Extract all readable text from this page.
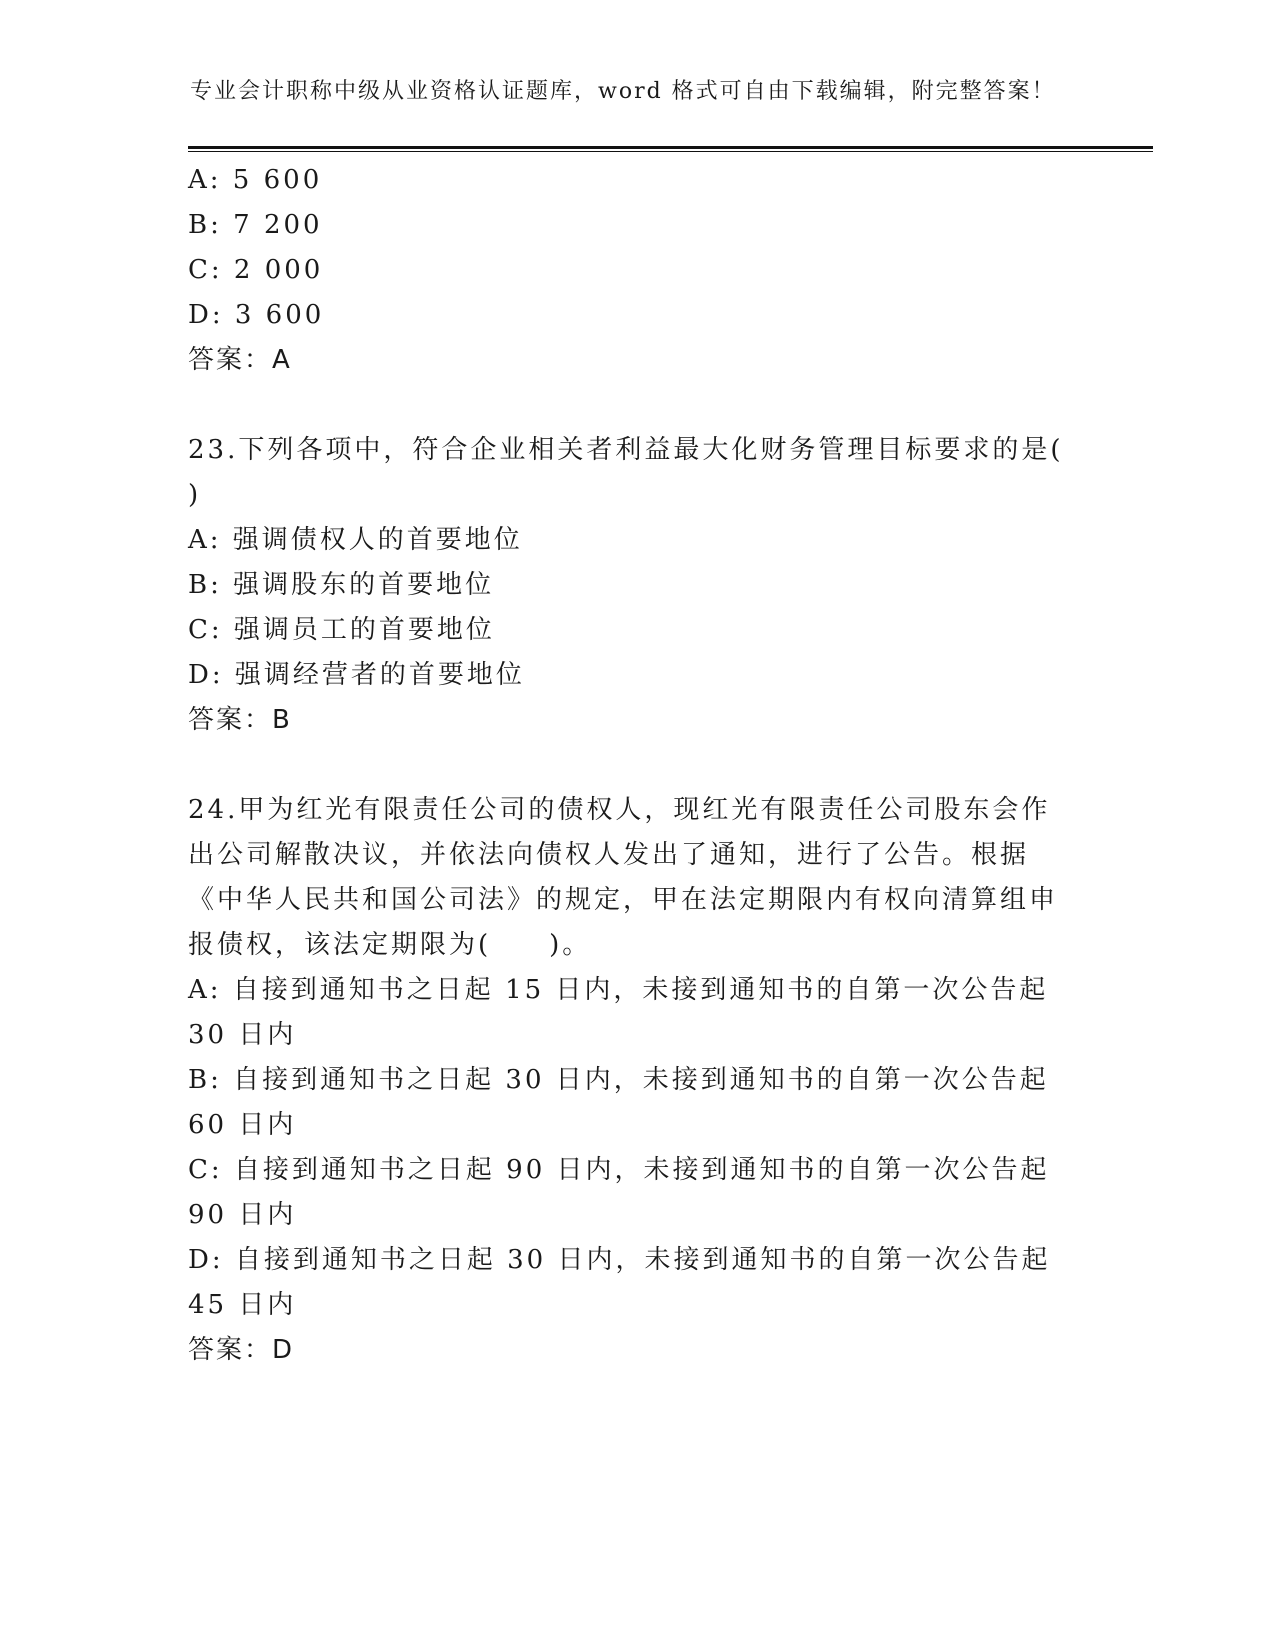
专业会计职称中级从业资格认证题库，word 格式可自由下载编辑，附完整答案！

A: 5 600

B: 7 200

C: 2 000

D: 3 600

答案：A

23.下列各项中，符合企业相关者利益最大化财务管理目标要求的是(
)

A: 强调债权人的首要地位

B: 强调股东的首要地位

C: 强调员工的首要地位

D: 强调经营者的首要地位

答案：B

24.甲为红光有限责任公司的债权人，现红光有限责任公司股东会作出公司解散决议，并依法向债权人发出了通知，进行了公告。根据《中华人民共和国公司法》的规定，甲在法定期限内有权向清算组申报债权，该法定期限为(　　)。

A: 自接到通知书之日起 15 日内，未接到通知书的自第一次公告起 30 日内

B: 自接到通知书之日起 30 日内，未接到通知书的自第一次公告起 60 日内

C: 自接到通知书之日起 90 日内，未接到通知书的自第一次公告起 90 日内

D: 自接到通知书之日起 30 日内，未接到通知书的自第一次公告起 45 日内

答案：D
